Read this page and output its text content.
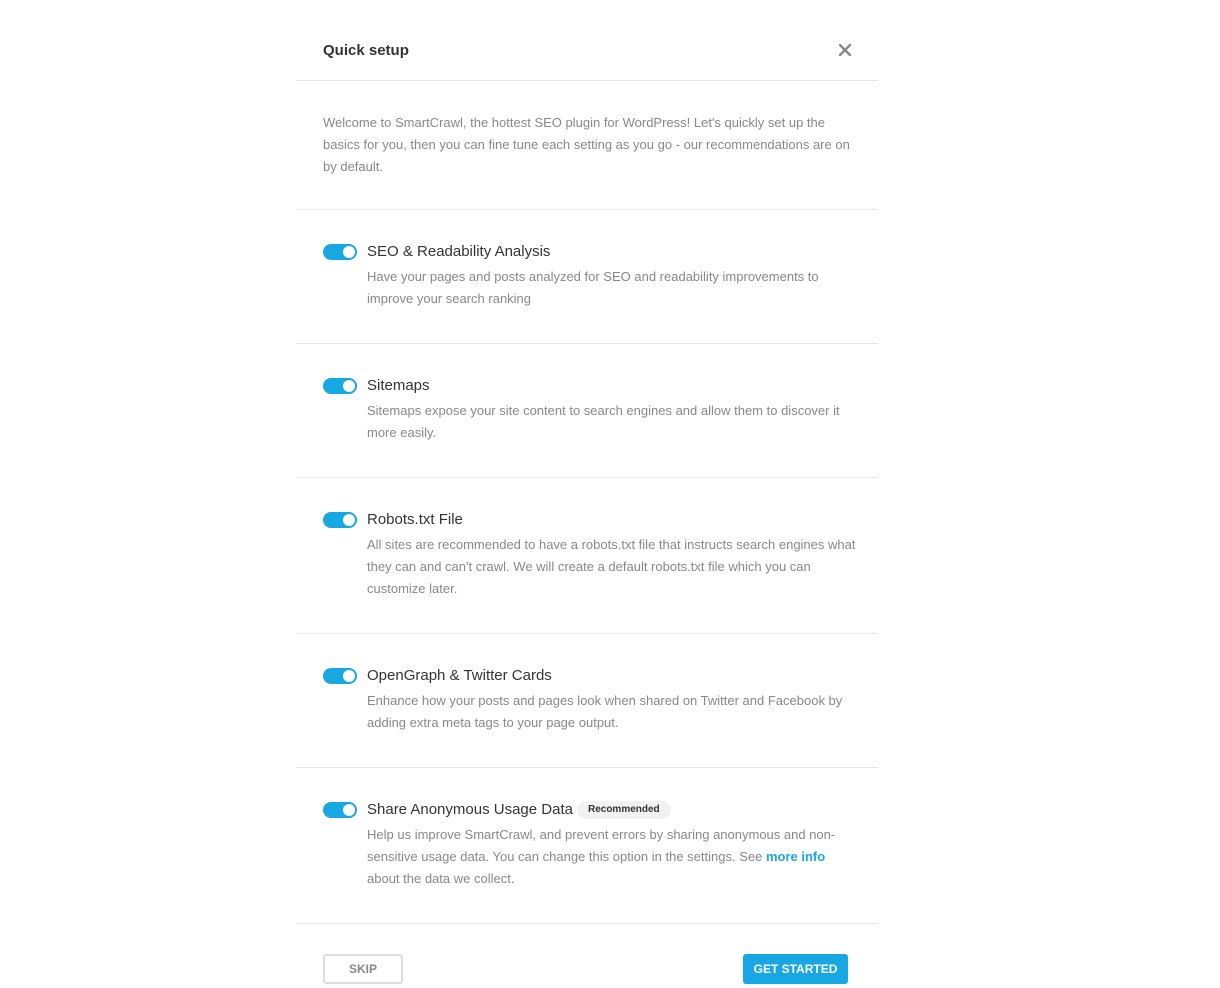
Quick setup
Welcome to SmartCrawl, the hottest SEO plugin for WordPress! Let's quickly set up the basics for you, then you can fine tune each setting as you go - our recommendations are on by default.
SEO & Readability Analysis
Have your pages and posts analyzed for SEO and readability improvements to improve your search ranking
Sitemaps
Sitemaps expose your site content to search engines and allow them to discover it more easily.
Robots.txt File
All sites are recommended to have a robots.txt file that instructs search engines what they can and can't crawl. We will create a default robots.txt file which you can customize later.
OpenGraph & Twitter Cards
Enhance how your posts and pages look when shared on Twitter and Facebook by adding extra meta tags to your page output.
Share Anonymous Usage Data	Recommended
Help us improve SmartCrawl, and prevent errors by sharing anonymous and non-sensitive usage data. You can change this option in the settings. See more info about the data we collect.
SKIP	GET STARTED
